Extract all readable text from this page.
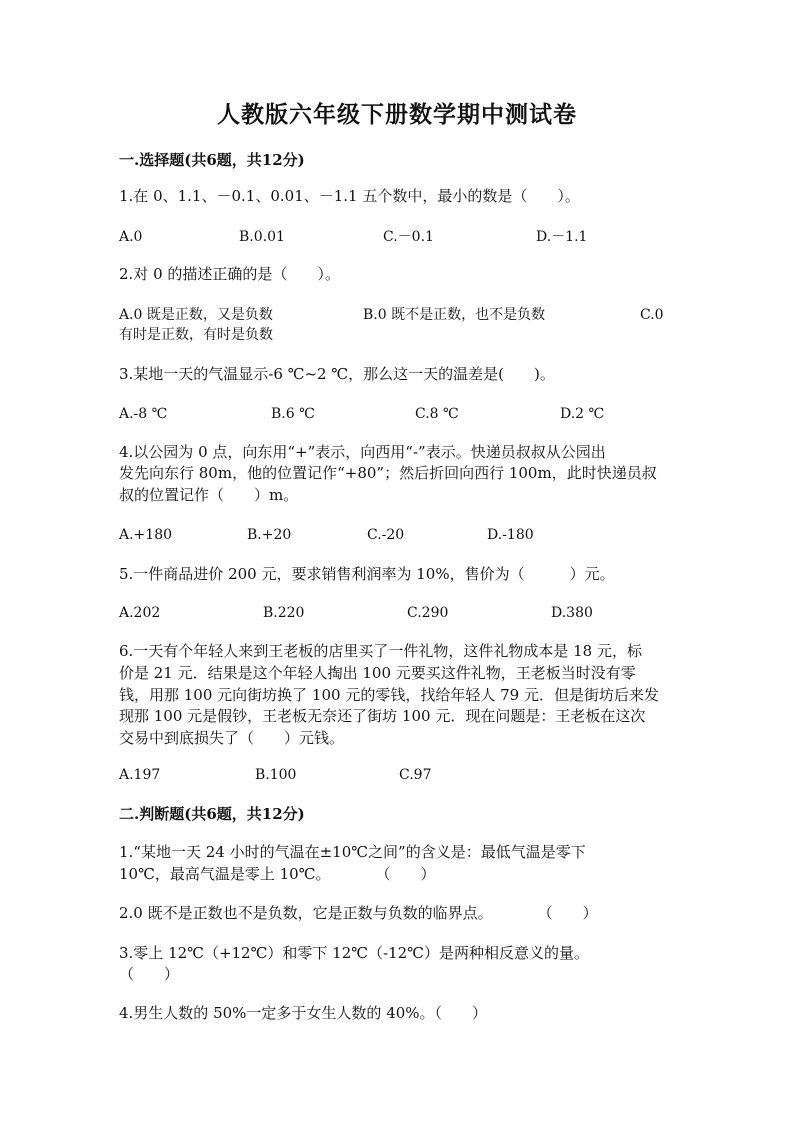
人教版六年级下册数学期中测试卷
一.选择题(共6题，共12分)
1.在 0、1.1、－0.1、0.01、－1.1 五个数中，最小的数是（　　）。
A.0	B.0.01	C.－0.1	D.－1.1
2.对 0 的描述正确的是（　　）。
A.0 既是正数，又是负数	B.0 既不是正数，也不是负数	C.0
有时是正数，有时是负数
3.某地一天的气温显示-6 ℃~2 ℃，那么这一天的温差是(　　)。
A.-8 ℃	B.6 ℃	C.8 ℃	D.2 ℃
4.以公园为 0 点，向东用“+”表示，向西用“-”表示。快递员叔叔从公园出
发先向东行 80m，他的位置记作“+80”；然后折回向西行 100m，此时快递员叔
叔的位置记作（　　）m。
A.+180	B.+20	C.-20	D.-180
5.一件商品进价 200 元，要求销售利润率为 10%，售价为（　　　）元。
A.202	B.220	C.290	D.380
6.一天有个年轻人来到王老板的店里买了一件礼物，这件礼物成本是 18 元，标
价是 21 元．结果是这个年轻人掏出 100 元要买这件礼物，王老板当时没有零
钱，用那 100 元向街坊换了 100 元的零钱，找给年轻人 79 元．但是街坊后来发
现那 100 元是假钞，王老板无奈还了街坊 100 元．现在问题是：王老板在这次
交易中到底损失了（　　）元钱。
A.197	B.100	C.97
二.判断题(共6题，共12分)
1.“某地一天 24 小时的气温在±10℃之间”的含义是：最低气温是零下
10℃，最高气温是零上 10℃。　　　　（　　）
2.0 既不是正数也不是负数，它是正数与负数的临界点。　　　　（　　）
3.零上 12℃（+12℃）和零下 12℃（-12℃）是两种相反意义的量。
（　　）
4.男生人数的 50%一定多于女生人数的 40%。（　　）
